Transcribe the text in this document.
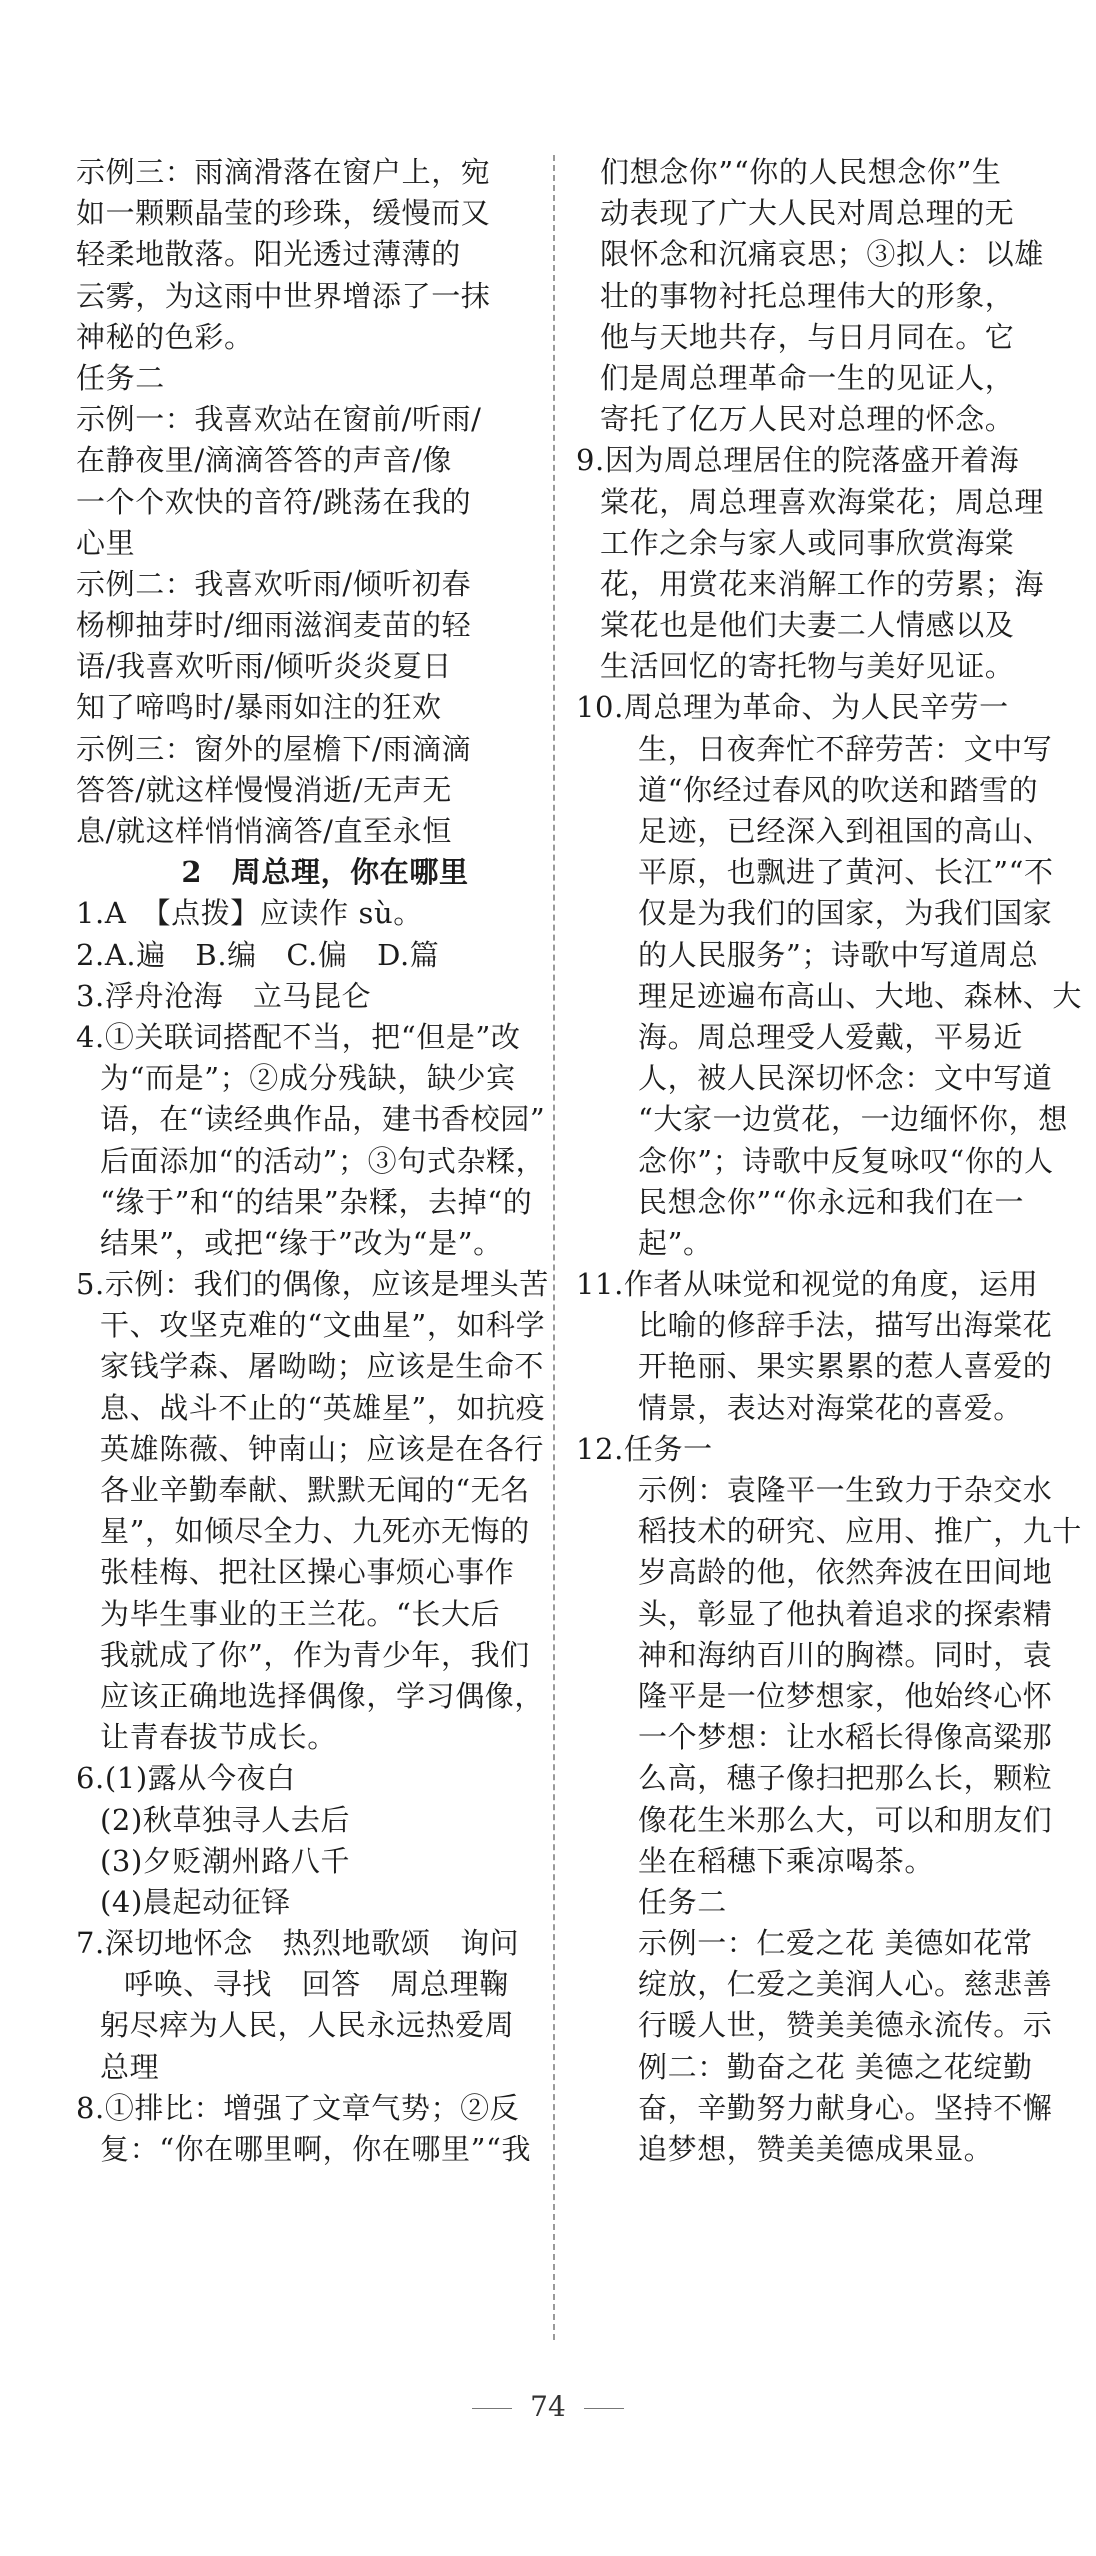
示例三：雨滴滑落在窗户上，宛
如一颗颗晶莹的珍珠，缓慢而又
轻柔地散落。阳光透过薄薄的
云雾，为这雨中世界增添了一抹
神秘的色彩。
任务二
示例一：我喜欢站在窗前/听雨/
在静夜里/滴滴答答的声音/像
一个个欢快的音符/跳荡在我的
心里
示例二：我喜欢听雨/倾听初春
杨柳抽芽时/细雨滋润麦苗的轻
语/我喜欢听雨/倾听炎炎夏日
知了啼鸣时/暴雨如注的狂欢
示例三：窗外的屋檐下/雨滴滴
答答/就这样慢慢消逝/无声无
息/就这样悄悄滴答/直至永恒
2　周总理，你在哪里
1.A　【点拨】应读作 sù。
2.A.遍　B.编　C.偏　D.篇
3.浮舟沧海　立马昆仑
4.①关联词搭配不当，把“但是”改
为“而是”；②成分残缺，缺少宾
语，在“读经典作品，建书香校园”
后面添加“的活动”；③句式杂糅，
“缘于”和“的结果”杂糅，去掉“的
结果”，或把“缘于”改为“是”。
5.示例：我们的偶像，应该是埋头苦
干、攻坚克难的“文曲星”，如科学
家钱学森、屠呦呦；应该是生命不
息、战斗不止的“英雄星”，如抗疫
英雄陈薇、钟南山；应该是在各行
各业辛勤奉献、默默无闻的“无名
星”，如倾尽全力、九死亦无悔的
张桂梅、把社区操心事烦心事作
为毕生事业的王兰花。“长大后
我就成了你”，作为青少年，我们
应该正确地选择偶像，学习偶像，
让青春拔节成长。
6.(1)露从今夜白
(2)秋草独寻人去后
(3)夕贬潮州路八千
(4)晨起动征铎
7.深切地怀念　热烈地歌颂　询问
呼唤、寻找　回答　周总理鞠
躬尽瘁为人民，人民永远热爱周
总理
8.①排比：增强了文章气势；②反
复：“你在哪里啊，你在哪里”“我
们想念你”“你的人民想念你”生
动表现了广大人民对周总理的无
限怀念和沉痛哀思；③拟人：以雄
壮的事物衬托总理伟大的形象，
他与天地共存，与日月同在。它
们是周总理革命一生的见证人，
寄托了亿万人民对总理的怀念。
9.因为周总理居住的院落盛开着海
棠花，周总理喜欢海棠花；周总理
工作之余与家人或同事欣赏海棠
花，用赏花来消解工作的劳累；海
棠花也是他们夫妻二人情感以及
生活回忆的寄托物与美好见证。
10.周总理为革命、为人民辛劳一
生，日夜奔忙不辞劳苦：文中写
道“你经过春风的吹送和踏雪的
足迹，已经深入到祖国的高山、
平原，也飘进了黄河、长江”“不
仅是为我们的国家，为我们国家
的人民服务”；诗歌中写道周总
理足迹遍布高山、大地、森林、大
海。周总理受人爱戴，平易近
人，被人民深切怀念：文中写道
“大家一边赏花，一边缅怀你，想
念你”；诗歌中反复咏叹“你的人
民想念你”“你永远和我们在一
起”。
11.作者从味觉和视觉的角度，运用
比喻的修辞手法，描写出海棠花
开艳丽、果实累累的惹人喜爱的
情景，表达对海棠花的喜爱。
12.任务一
示例：袁隆平一生致力于杂交水
稻技术的研究、应用、推广，九十
岁高龄的他，依然奔波在田间地
头，彰显了他执着追求的探索精
神和海纳百川的胸襟。同时，袁
隆平是一位梦想家，他始终心怀
一个梦想：让水稻长得像高粱那
么高，穗子像扫把那么长，颗粒
像花生米那么大，可以和朋友们
坐在稻穗下乘凉喝茶。
任务二
示例一：仁爱之花 美德如花常
绽放，仁爱之美润人心。慈悲善
行暖人世，赞美美德永流传。示
例二：勤奋之花 美德之花绽勤
奋，辛勤努力献身心。坚持不懈
追梦想，赞美美德成果显。
74
